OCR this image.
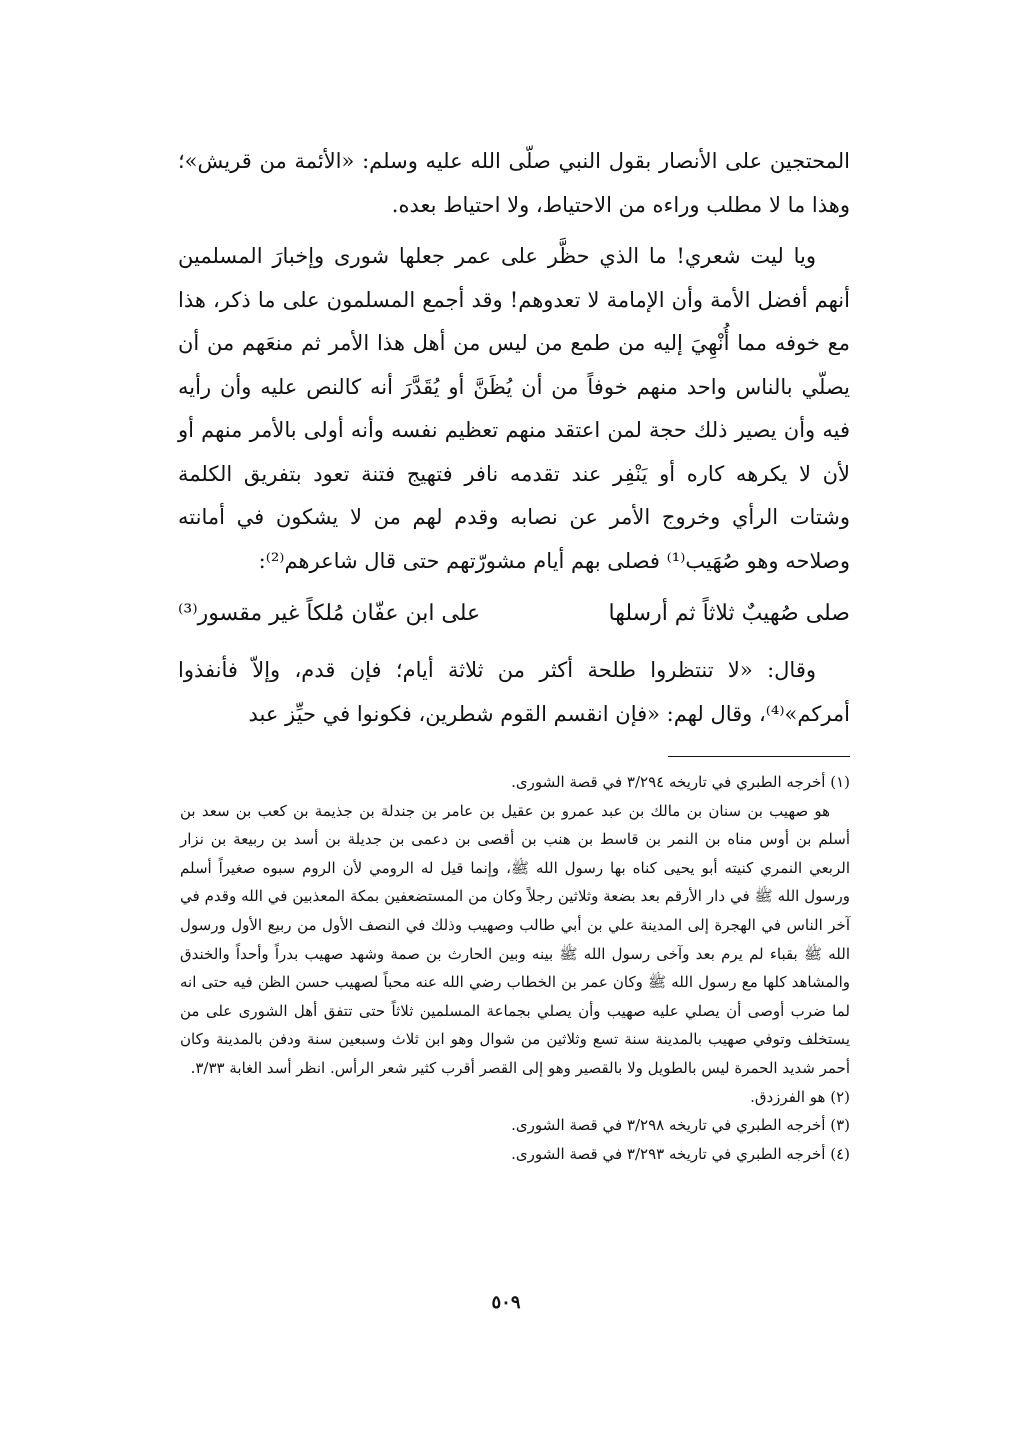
المحتجين على الأنصار بقول النبي صلّى الله عليه وسلم: «الأئمة من قريش»؛ وهذا ما لا مطلب وراءه من الاحتياط، ولا احتياط بعده.

ويا ليت شعري! ما الذي حظَّر على عمر جعلها شورى وإخبارَ المسلمين أنهم أفضل الأمة وأن الإمامة لا تعدوهم! وقد أجمع المسلمون على ما ذكر، هذا مع خوفه مما أُنْهِيَ إليه من طمع من ليس من أهل هذا الأمر ثم منعَهم من أن يصلّي بالناس واحد منهم خوفاً من أن يُظَنَّ أو يُقَدَّرَ أنه كالنص عليه وأن رأيه فيه وأن يصير ذلك حجة لمن اعتقد منهم تعظيم نفسه وأنه أولى بالأمر منهم أو لأن لا يكرهه كاره أو يَنْفِر عند تقدمه نافر فتهيج فتنة تعود بتفريق الكلمة وشتات الرأي وخروج الأمر عن نصابه وقدم لهم من لا يشكون في أمانته وصلاحه وهو صُهَيب⁽¹⁾ فصلى بهم أيام مشورّتهم حتى قال شاعرهم⁽²⁾:

صلى صُهيبٌ ثلاثاً ثم أرسلها
على ابن عفّان مُلكاً غير مقسور⁽³⁾

وقال: «لا تنتظروا طلحة أكثر من ثلاثة أيام؛ فإن قدم، وإلاّ فأنفذوا أمركم»⁽⁴⁾، وقال لهم: «فإن انقسم القوم شطرين، فكونوا في حيِّز عبد

(١) أخرجه الطبري في تاريخه ٣/٢٩٤ في قصة الشورى.

هو صهيب بن سنان بن مالك بن عبد عمرو بن عقيل بن عامر بن جندلة بن جذيمة بن كعب بن سعد بن أسلم بن أوس مناه بن النمر بن قاسط بن هنب بن أقصى بن دعمى بن جديلة بن أسد بن ربيعة بن نزار الربعي النمري كنيته أبو يحيى كناه بها رسول الله ﷺ، وإنما قيل له الرومي لأن الروم سبوه صغيراً أسلم ورسول الله ﷺ في دار الأرقم بعد بضعة وثلاثين رجلاً وكان من المستضعفين بمكة المعذبين في الله وقدم في آخر الناس في الهجرة إلى المدينة علي بن أبي طالب وصهيب وذلك في النصف الأول من ربيع الأول ورسول الله ﷺ بقباء لم يرم بعد وآخى رسول الله ﷺ بينه وبين الحارث بن صمة وشهد صهيب بدراً وأحداً والخندق والمشاهد كلها مع رسول الله ﷺ وكان عمر بن الخطاب رضي الله عنه محباً لصهيب حسن الظن فيه حتى انه لما ضرب أوصى أن يصلي عليه صهيب وأن يصلي بجماعة المسلمين ثلاثاً حتى تتفق أهل الشورى على من يستخلف وتوفي صهيب بالمدينة سنة تسع وثلاثين من شوال وهو ابن ثلاث وسبعين سنة ودفن بالمدينة وكان أحمر شديد الحمرة ليس بالطويل ولا بالقصير وهو إلى القصر أقرب كثير شعر الرأس. انظر أسد الغابة ٣/٣٣.

(٢) هو الفرزدق.

(٣) أخرجه الطبري في تاريخه ٣/٢٩٨ في قصة الشورى.

(٤) أخرجه الطبري في تاريخه ٣/٢٩٣ في قصة الشورى.

٥٠٩
